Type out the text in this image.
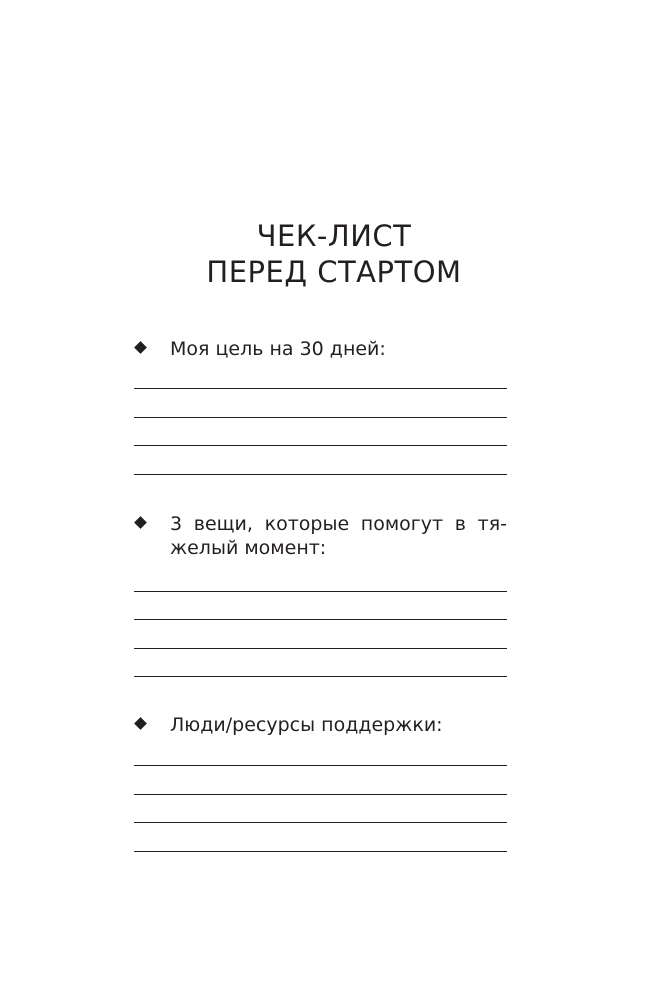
ЧЕК-ЛИСТ
ПЕРЕД СТАРТОМ
Моя цель на 30 дней:
3 вещи, которые помогут в тя-
желый момент:
Люди/ресурсы поддержки:
